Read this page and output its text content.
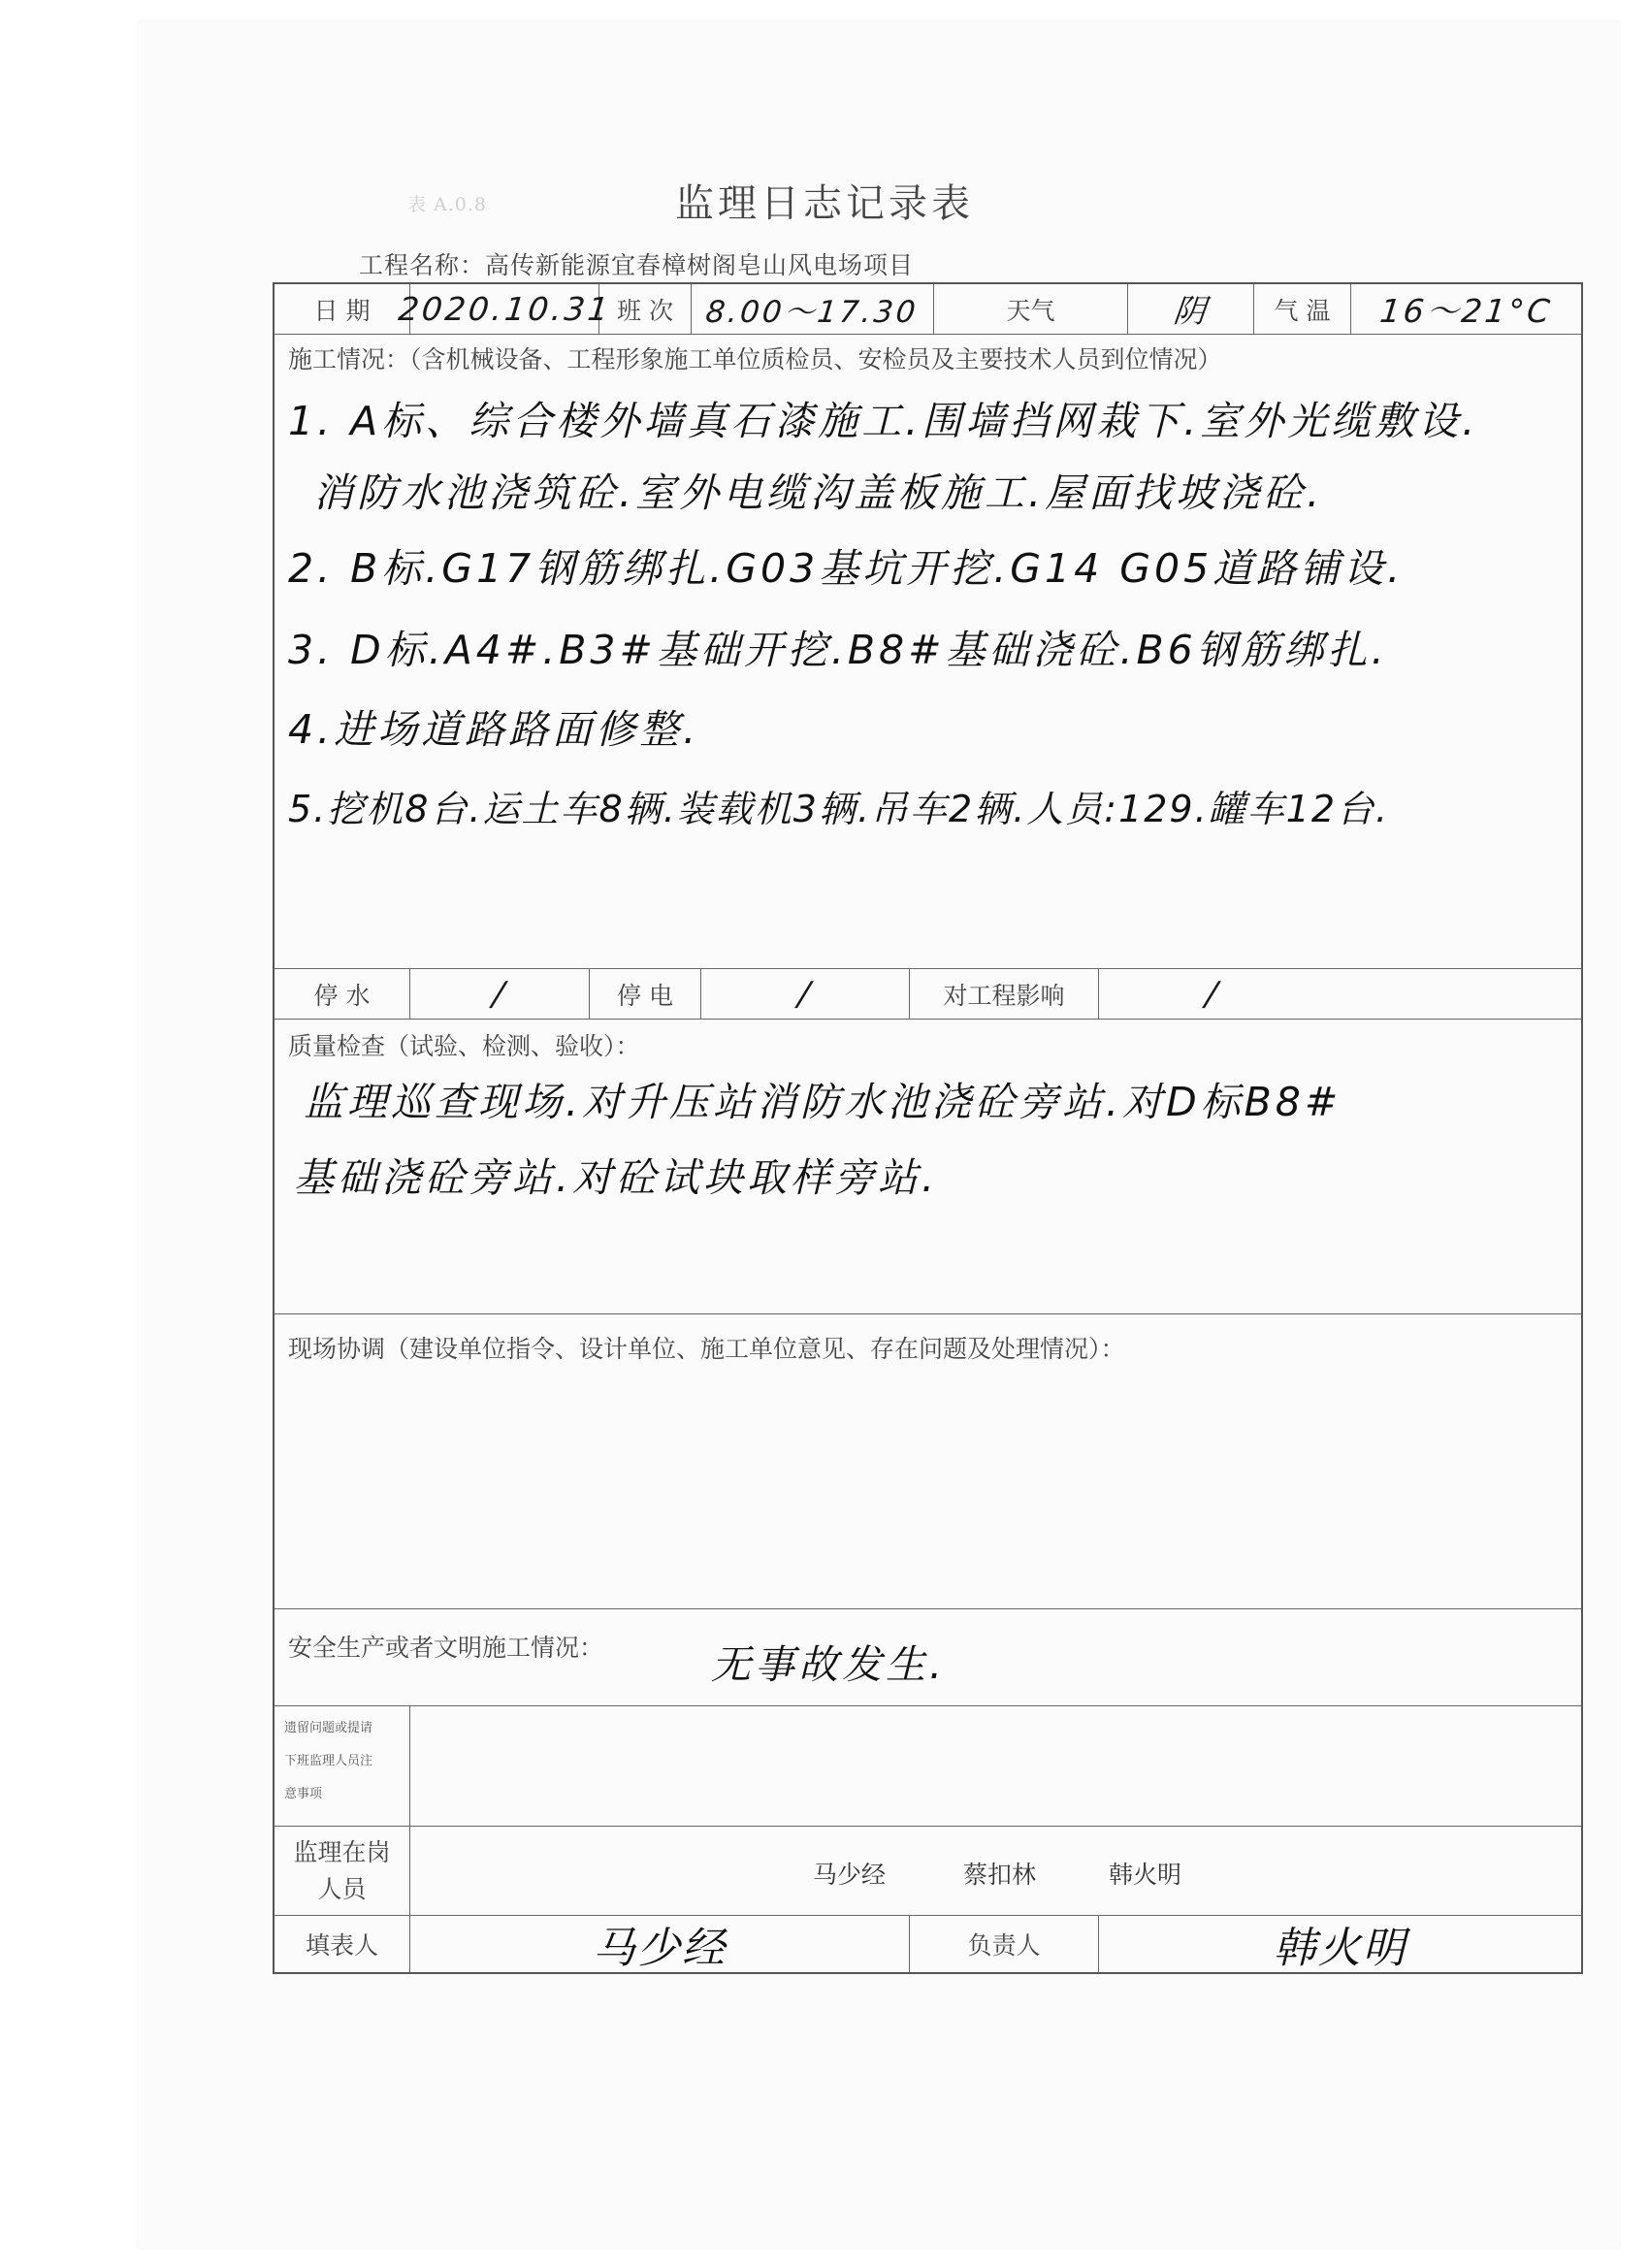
表 A.0.8	监理日志记录表
工程名称：高传新能源宜春樟树阁皂山风电场项目
日 期 2020.10.31 班 次	8.00～17.30	天气	阴	气 温	16～21°C
施工情况：（含机械设备、工程形象施工单位质检员、安检员及主要技术人员到位情况）
1. A标、综合楼外墙真石漆施工.围墙挡网栽下.室外光缆敷设.
消防水池浇筑砼.室外电缆沟盖板施工.屋面找坡浇砼.
2. B标.G17钢筋绑扎.G03基坑开挖.G14 G05道路铺设.
3. D标.A4#.B3#基础开挖.B8#基础浇砼.B6钢筋绑扎.
4.进场道路路面修整.
5.挖机8台.运土车8辆.装载机3辆.吊车2辆.人员:129.罐车12台.
停 水	/	停 电	/	对工程影响	/
质量检查（试验、检测、验收）：
监理巡查现场.对升压站消防水池浇砼旁站.对D标B8#
基础浇砼旁站.对砼试块取样旁站.
现场协调（建设单位指令、设计单位、施工单位意见、存在问题及处理情况）：
安全生产或者文明施工情况：	无事故发生.
遗留问题或提请
下班监理人员注
意事项
监理在岗
人员	马少经	蔡扣林	韩火明
填表人	马少经	负责人	韩火明
